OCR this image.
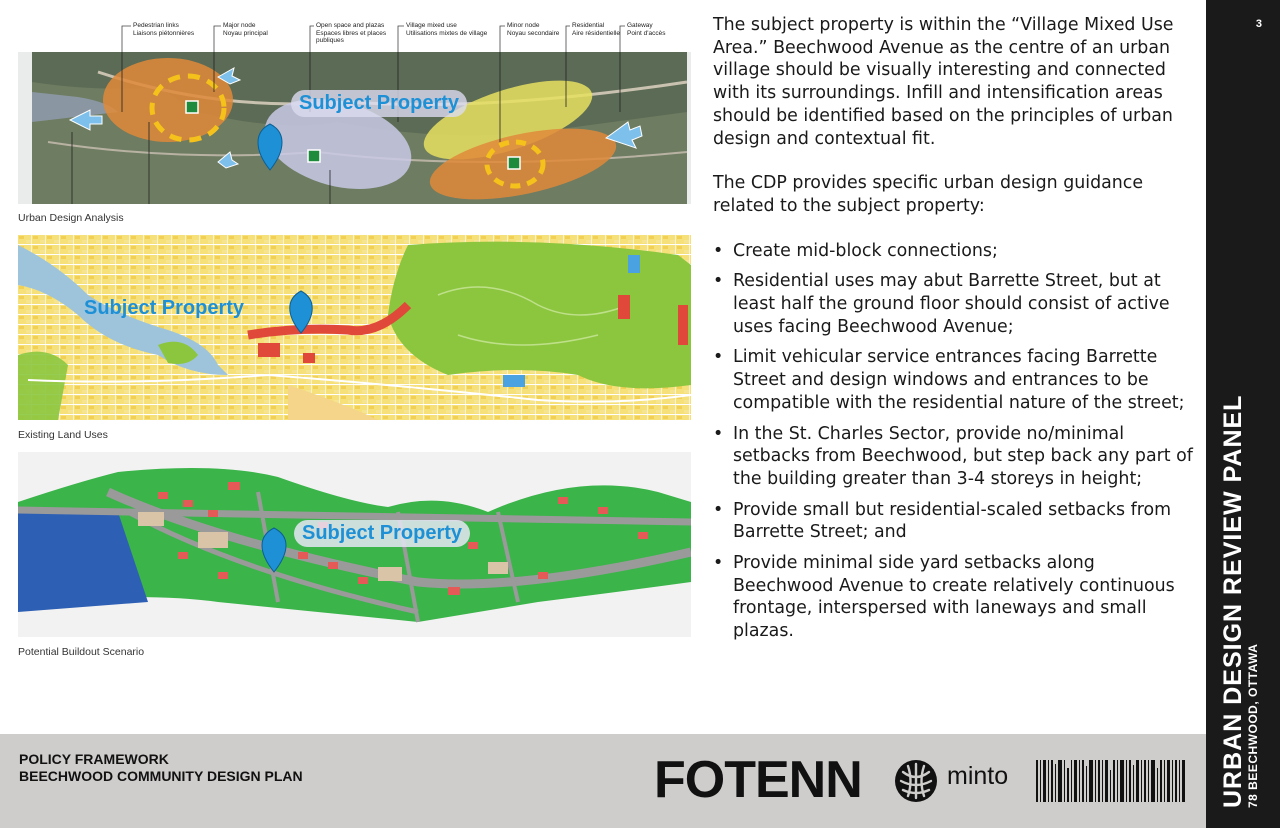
Pedestrian links
Liaisons piétonnières
Major node
Noyau principal
Open space and plazas
Espaces libres et places
publiques
Village mixed use
Utilisations mixtes de village
Minor node
Noyau secondaire
Residential
Aire résidentielle
Gateway
Point d'accès
Subject Property
Urban Design Analysis
Subject Property
Existing Land Uses
Subject Property
Potential Buildout Scenario

The subject property is within the “Village Mixed Use Area.” Beechwood Avenue as the centre of an urban village should be visually interesting and connected with its surroundings. Infill and intensification areas should be identified based on the principles of urban design and contextual fit.

The CDP provides specific urban design guidance related to the subject property:

• Create mid-block connections;
• Residential uses may abut Barrette Street, but at least half the ground floor should consist of active uses facing Beechwood Avenue;
• Limit vehicular service entrances facing Barrette Street and design windows and entrances to be compatible with the residential nature of the street;
• In the St. Charles Sector, provide no/minimal setbacks from Beechwood, but step back any part of the building greater than 3-4 storeys in height;
• Provide small but residential-scaled setbacks from Barrette Street; and
• Provide minimal side yard setbacks along Beechwood Avenue to create relatively continuous frontage, interspersed with laneways and small plazas.
POLICY FRAMEWORK
BEECHWOOD COMMUNITY DESIGN PLAN	FOTENN	minto
3
URBAN DESIGN REVIEW PANEL 78 BEECHWOOD, OTTAWA
